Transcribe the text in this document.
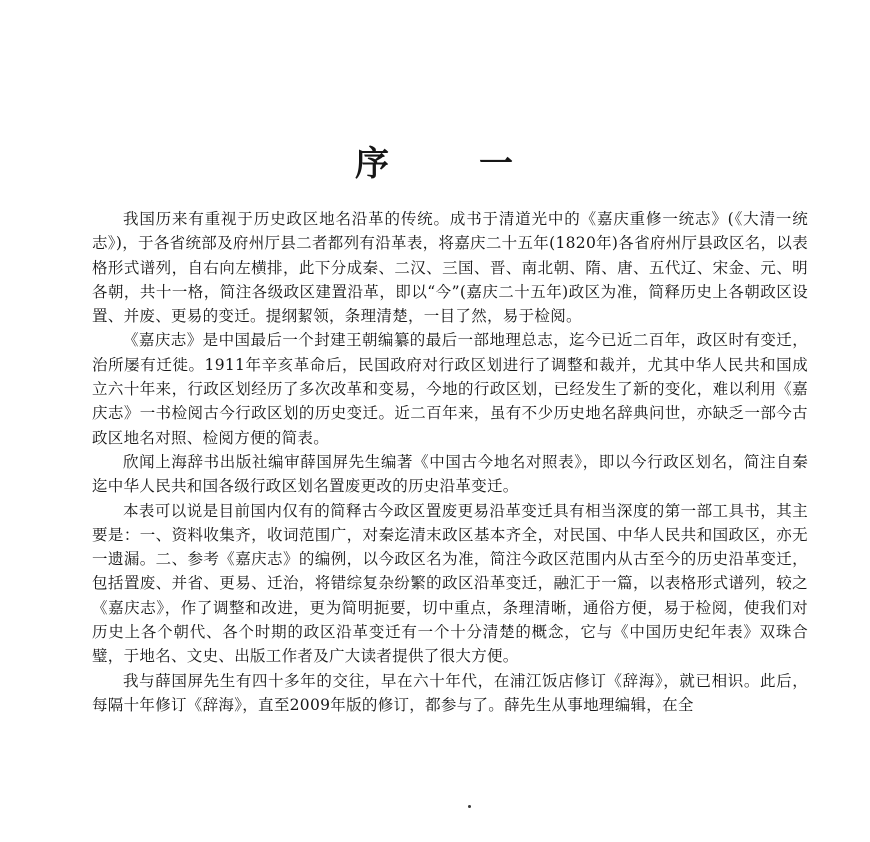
序	一

我国历来有重视于历史政区地名沿革的传统。成书于清道光中的《嘉庆重修一统志》(《大清一统志》)，于各省统部及府州厅县二者都列有沿革表，将嘉庆二十五年(1820年)各省府州厅县政区名，以表格形式谱列，自右向左横排，此下分成秦、二汉、三国、晋、南北朝、隋、唐、五代辽、宋金、元、明各朝，共十一格，简注各级政区建置沿革，即以“今”(嘉庆二十五年)政区为准，简释历史上各朝政区设置、并废、更易的变迁。提纲絜领，条理清楚，一目了然，易于检阅。

《嘉庆志》是中国最后一个封建王朝编纂的最后一部地理总志，迄今已近二百年，政区时有变迁，治所屡有迁徙。1911年辛亥革命后，民国政府对行政区划进行了调整和裁并，尤其中华人民共和国成立六十年来，行政区划经历了多次改革和变易，今地的行政区划，已经发生了新的变化，难以利用《嘉庆志》一书检阅古今行政区划的历史变迁。近二百年来，虽有不少历史地名辞典问世，亦缺乏一部今古政区地名对照、检阅方便的简表。

欣闻上海辞书出版社编审薛国屏先生编著《中国古今地名对照表》，即以今行政区划名，简注自秦迄中华人民共和国各级行政区划名置废更改的历史沿革变迁。

本表可以说是目前国内仅有的简释古今政区置废更易沿革变迁具有相当深度的第一部工具书，其主要是：一、资料收集齐，收词范围广，对秦迄清末政区基本齐全，对民国、中华人民共和国政区，亦无一遗漏。二、参考《嘉庆志》的编例，以今政区名为准，简注今政区范围内从古至今的历史沿革变迁，包括置废、并省、更易、迁治，将错综复杂纷繁的政区沿革变迁，融汇于一篇，以表格形式谱列，较之《嘉庆志》，作了调整和改进，更为简明扼要，切中重点，条理清晰，通俗方便，易于检阅，使我们对历史上各个朝代、各个时期的政区沿革变迁有一个十分清楚的概念，它与《中国历史纪年表》双珠合璧，于地名、文史、出版工作者及广大读者提供了很大方便。

我与薛国屏先生有四十多年的交往，早在六十年代，在浦江饭店修订《辞海》，就已相识。此后，每隔十年修订《辞海》，直至2009年版的修订，都参与了。薛先生从事地理编辑，在全
